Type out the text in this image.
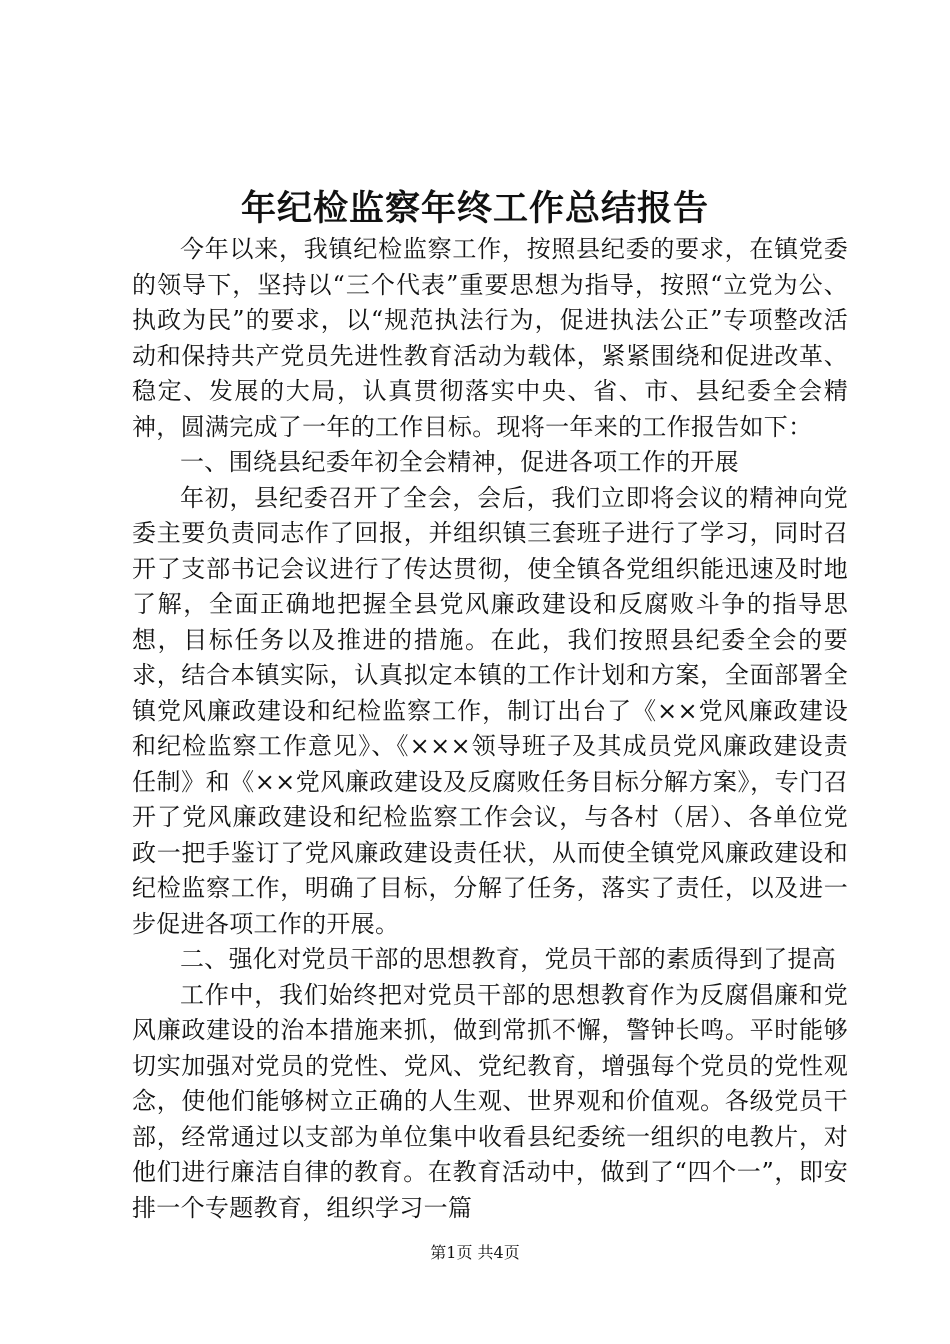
年纪检监察年终工作总结报告

今年以来，我镇纪检监察工作，按照县纪委的要求，在镇党委的领导下，坚持以“三个代表”重要思想为指导，按照“立党为公、执政为民”的要求，以“规范执法行为，促进执法公正”专项整改活动和保持共产党员先进性教育活动为载体，紧紧围绕和促进改革、稳定、发展的大局，认真贯彻落实中央、省、市、县纪委全会精神，圆满完成了一年的工作目标。现将一年来的工作报告如下：

一、围绕县纪委年初全会精神，促进各项工作的开展

年初，县纪委召开了全会，会后，我们立即将会议的精神向党委主要负责同志作了回报，并组织镇三套班子进行了学习，同时召开了支部书记会议进行了传达贯彻，使全镇各党组织能迅速及时地了解，全面正确地把握全县党风廉政建设和反腐败斗争的指导思想，目标任务以及推进的措施。在此，我们按照县纪委全会的要求，结合本镇实际，认真拟定本镇的工作计划和方案，全面部署全镇党风廉政建设和纪检监察工作，制订出台了《××党风廉政建设和纪检监察工作意见》、《×××领导班子及其成员党风廉政建设责任制》和《××党风廉政建设及反腐败任务目标分解方案》，专门召开了党风廉政建设和纪检监察工作会议，与各村（居）、各单位党政一把手鉴订了党风廉政建设责任状，从而使全镇党风廉政建设和纪检监察工作，明确了目标，分解了任务，落实了责任，以及进一步促进各项工作的开展。

二、强化对党员干部的思想教育，党员干部的素质得到了提高

工作中，我们始终把对党员干部的思想教育作为反腐倡廉和党风廉政建设的治本措施来抓，做到常抓不懈，警钟长鸣。平时能够切实加强对党员的党性、党风、党纪教育，增强每个党员的党性观念，使他们能够树立正确的人生观、世界观和价值观。各级党员干部，经常通过以支部为单位集中收看县纪委统一组织的电教片，对他们进行廉洁自律的教育。在教育活动中，做到了“四个一”，即安排一个专题教育，组织学习一篇

第1页 共4页
